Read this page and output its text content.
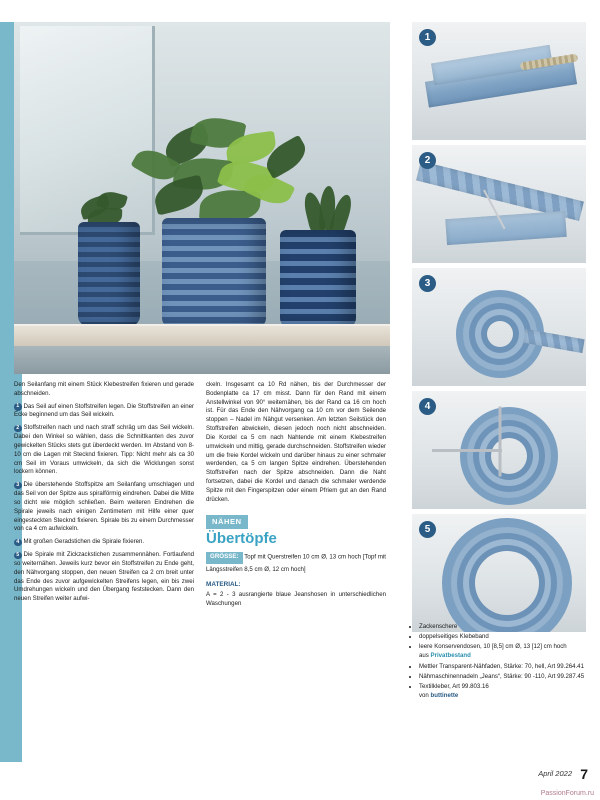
1
2
3
4
5

Den Seilanfang mit einem Stück Klebestreifen fixieren und gerade abschneiden.

1 Das Seil auf einen Stoffstreifen legen. Die Stoffstreifen an einer Ecke beginnend um das Seil wickeln.

2 Stoffstreifen nach und nach straff schräg um das Seil wickeln. Dabei den Winkel so wählen, dass die Schnittkanten des zuvor gewickelten Stücks stets gut überdeckt werden. Im Abstand von 8-10 cm die Lagen mit Stecknd fixieren. Tipp: Nicht mehr als ca 30 cm Seil im Voraus umwickeln, da sich die Wicklungen sonst lockern können.

3 Die überstehende Stoffspitze am Seilanfang umschlagen und das Seil von der Spitze aus spiralförmig eindrehen. Dabei die Mitte so dicht wie möglich schließen. Beim weiteren Eindrehen die Spirale jeweils nach einigen Zentimetern mit Hilfe einer quer eingesteckten Stecknd fixieren. Spirale bis zu einem Durchmesser von ca 4 cm aufwickeln.

4 Mit großen Geradstichen die Spirale fixieren.

5 Die Spirale mit Zickzackstichen zusammennähen. Fortlaufend so weiternähen. Jeweils kurz bevor ein Stoffstreifen zu Ende geht, den Nähvorgang stoppen, den neuen Streifen ca 2 cm breit unter das Ende des zuvor aufgewickelten Streifens legen, ein bis zwei Umdrehungen wickeln und den Übergang feststecken. Dann den neuen Streifen weiter aufwi-

ckeln. Insgesamt ca 10 Rd nähen, bis der Durchmesser der Bodenplatte ca 17 cm misst. Dann für den Rand mit einem Anstellwinkel von 90° weiternähen, bis der Rand ca 16 cm hoch ist. Für das Ende den Nähvorgang ca 10 cm vor dem Seilende stoppen – Nadel im Nähgut versenken. Am letzten Seilstück den Stoffstreifen abwickeln, diesen jedoch noch nicht abschneiden. Die Kordel ca 5 cm nach Nahtende mit einem Klebestreifen umwickeln und mittig, gerade durchschneiden. Stoffstreifen wieder um die freie Kordel wickeln und darüber hinaus zu einer schmaler werdenden, ca 5 cm langen Spitze eindrehen. Überstehenden Stoffstreifen nach der Spitze abschneiden. Dann die Naht fortsetzen, dabei die Kordel und danach die schmaler werdende Spitze mit den Fingerspitzen oder einem Pfriem gut an den Rand drücken.

NÄHEN
Übertöpfe

GRÖSSE: Topf mit Querstreifen 10 cm Ø, 13 cm hoch [Topf mit Längsstreifen 8,5 cm Ø, 12 cm hoch]

MATERIAL:

A = 2 - 3 ausrangierte blaue Jeanshosen in unterschiedlichen Waschungen

• Zackenschere
• doppelseitiges Klebeband
• leere Konservendosen, 10 [8,5] cm Ø, 13 [12] cm hoch
aus Privatbestand
• Mettler Transparent-Nähfaden, Stärke: 70, hell, Art 99.264.41
• Nähmaschinennadeln „Jeans“, Stärke: 90 -110, Art 99.287.45
• Textilkleber, Art 99.803.16
von buttinette
April 2022 7
PassionForum.ru
